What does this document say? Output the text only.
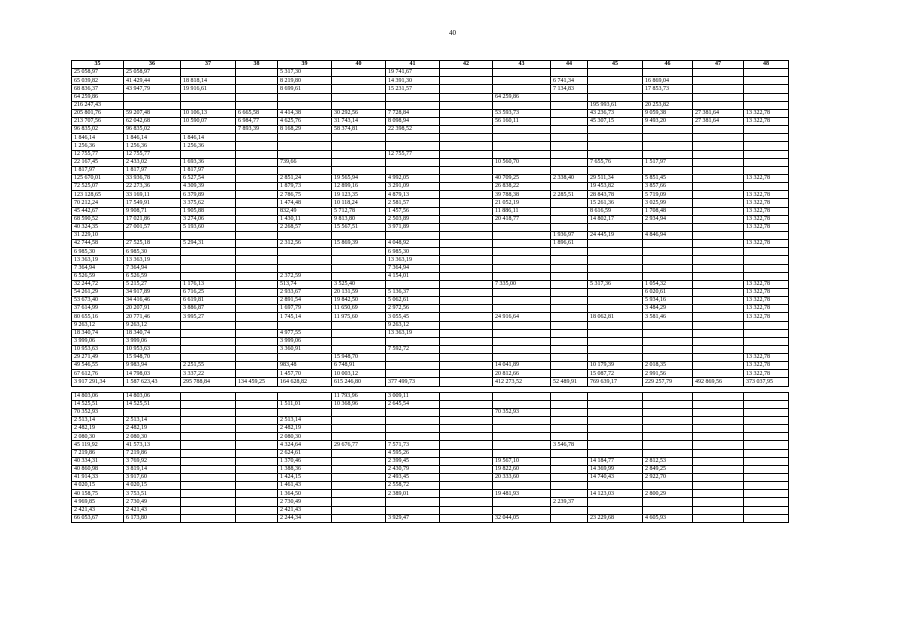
40
35	36	37	38	39	40	41	42	43	44	45	46	47	48
25 058,97	25 058,97			5 317,30		19 741,67							
65 039,82	41 429,44	18 818,14		8 219,80		14 391,30			6 741,34		16 869,04		
68 836,37	43 947,79	19 916,61		8 699,61		15 231,57			7 134,83		17 853,73		
64 259,86								64 259,86					
216 247,43										195 993,61	20 253,82		
205 801,76	59 207,48	10 106,13	6 665,58	4 414,38	30 292,56	7 728,84		53 593,73		43 236,73	9 059,38	27 381,64	13 322,78
213 707,56	62 042,68	10 590,07	6 984,77	4 625,76	31 743,14	8 098,94		56 160,11		45 307,15	9 493,20	27 381,64	13 322,78
96 835,02	96 835,02		7 893,39	8 168,29	58 374,81	22 398,52							
1 846,14	1 846,14	1 846,14											
1 256,36	1 256,36	1 256,36											
12 755,77	12 755,77					12 755,77							
22 167,45	2 433,02	1 693,36		739,66				10 560,70		7 655,76	1 517,97		
1 817,97	1 817,97	1 817,97											
125 670,01	33 936,78	6 527,54		2 851,24	19 565,94	4 992,05		40 709,25	2 338,40	29 511,34	5 851,45		13 322,78
72 525,07	22 273,36	4 309,39		1 879,73	12 899,16	3 291,09		26 838,22		19 453,82	3 857,66		
123 128,65	33 169,11	6 379,89		2 786,75	19 123,35	4 879,13		39 788,38	2 285,51	28 843,78	5 719,09		13 322,78
70 212,24	17 549,91	3 375,62		1 474,48	10 118,24	2 581,57		21 052,19		15 261,36	3 025,99		13 322,78
45 442,67	9 908,71	1 905,88		832,49	5 712,78	1 457,56		11 886,11		8 616,59	1 708,48		13 322,78
68 590,52	17 021,86	3 274,06		1 430,11	9 813,80	2 503,89		20 418,77		14 802,17	2 934,94		13 322,78
40 324,35	27 001,57	5 193,60		2 268,57	15 567,51	3 971,89							13 322,78
31 229,10									1 936,97	24 445,19	4 846,94		
42 744,58	27 525,18	5 294,31		2 312,56	15 869,39	4 048,92			1 896,61				13 322,78
6 985,30	6 985,30					6 985,30							
13 363,19	13 363,19					13 363,19							
7 364,94	7 364,94					7 364,94							
6 526,59	6 526,59			2 372,59		4 154,01							
32 244,72	5 215,27	1 176,13		513,74	3 525,40			7 335,00		5 317,36	1 054,32		13 322,78
54 261,29	34 917,89	6 716,25		2 933,67	20 131,59	5 136,37					6 020,61		13 322,78
53 673,40	34 416,46	6 619,81		2 891,54	19 842,50	5 062,61					5 934,16		13 322,78
37 614,99	20 207,91	3 886,87		1 697,79	11 650,69	2 972,56					3 484,29		13 322,78
80 655,16	20 771,46	3 995,27		1 745,14	11 975,60	3 055,45		24 916,64		18 062,81	3 581,46		13 322,78
9 263,12	9 263,12					9 263,12							
18 340,74	18 340,74			4 977,55		13 363,19							
3 999,06	3 999,06			3 999,06									
10 953,63	10 953,63			3 360,91		7 592,72							
29 271,49	15 948,70				15 948,70								13 322,78
49 546,55	9 983,94	2 251,55		983,48	6 748,91			14 041,89		10 179,39	2 018,35		13 322,78
67 612,76	14 798,03	3 337,22		1 457,70	10 003,12			20 812,66		15 087,72	2 991,56		13 322,78
3 917 291,34	1 587 623,43	295 788,84	134 459,25	164 628,82	615 246,80	377 499,73		412 273,52	52 489,91	769 639,17	229 257,79	492 869,56	373 037,95

14 803,06	14 803,06				11 793,96	3 009,11							
14 525,51	14 525,51			1 511,01	10 368,96	2 645,54							
70 352,93								70 352,93					
2 513,14	2 513,14			2 513,14									
2 482,19	2 482,19			2 482,19									
2 080,30	2 080,30			2 080,30									
45 119,92	41 573,13			4 324,64	29 676,77	7 571,73			3 546,78				
7 219,86	7 219,86			2 624,61		4 595,26							
40 334,31	3 769,92			1 370,46		2 399,45		19 567,10		14 184,77	2 812,53		
40 860,98	3 819,14			1 388,36		2 430,79		19 822,60		14 369,99	2 849,25		
41 914,33	3 917,60			1 424,15		2 493,45		20 333,60		14 740,43	2 922,70		
4 020,15	4 020,15			1 461,43		2 558,72							
40 158,75	3 753,51			1 364,50		2 389,01		19 481,93		14 123,03	2 800,29		
4 969,85	2 730,49			2 730,49					2 239,37				
2 421,43	2 421,43			2 421,43									
66 053,67	6 173,80			2 244,34		3 929,47		32 044,05		23 229,68	4 605,93		
